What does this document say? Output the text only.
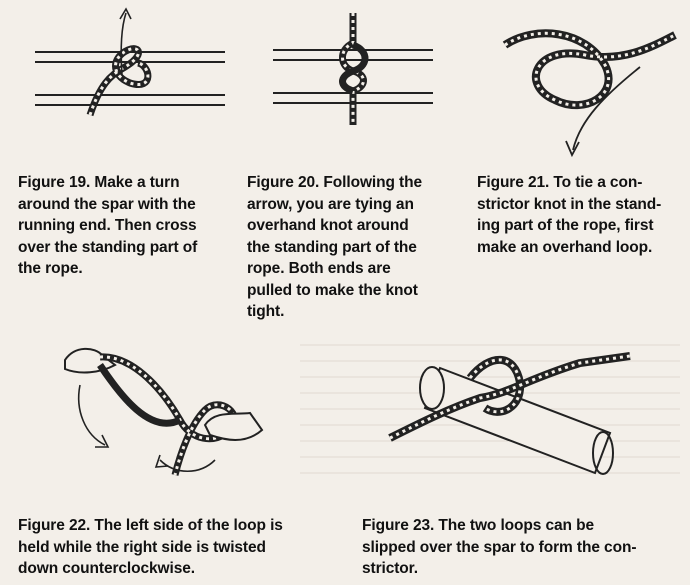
Figure 19. Make a turn
around the spar with the
running end. Then cross
over the standing part of
the rope.

Figure 20. Following the
arrow, you are tying an
overhand knot around
the standing part of the
rope. Both ends are
pulled to make the knot
tight.

Figure 21. To tie a con-
strictor knot in the stand-
ing part of the rope, first
make an overhand loop.

Figure 22. The left side of the loop is
held while the right side is twisted
down counterclockwise.

Figure 23. The two loops can be
slipped over the spar to form the con-
strictor.
